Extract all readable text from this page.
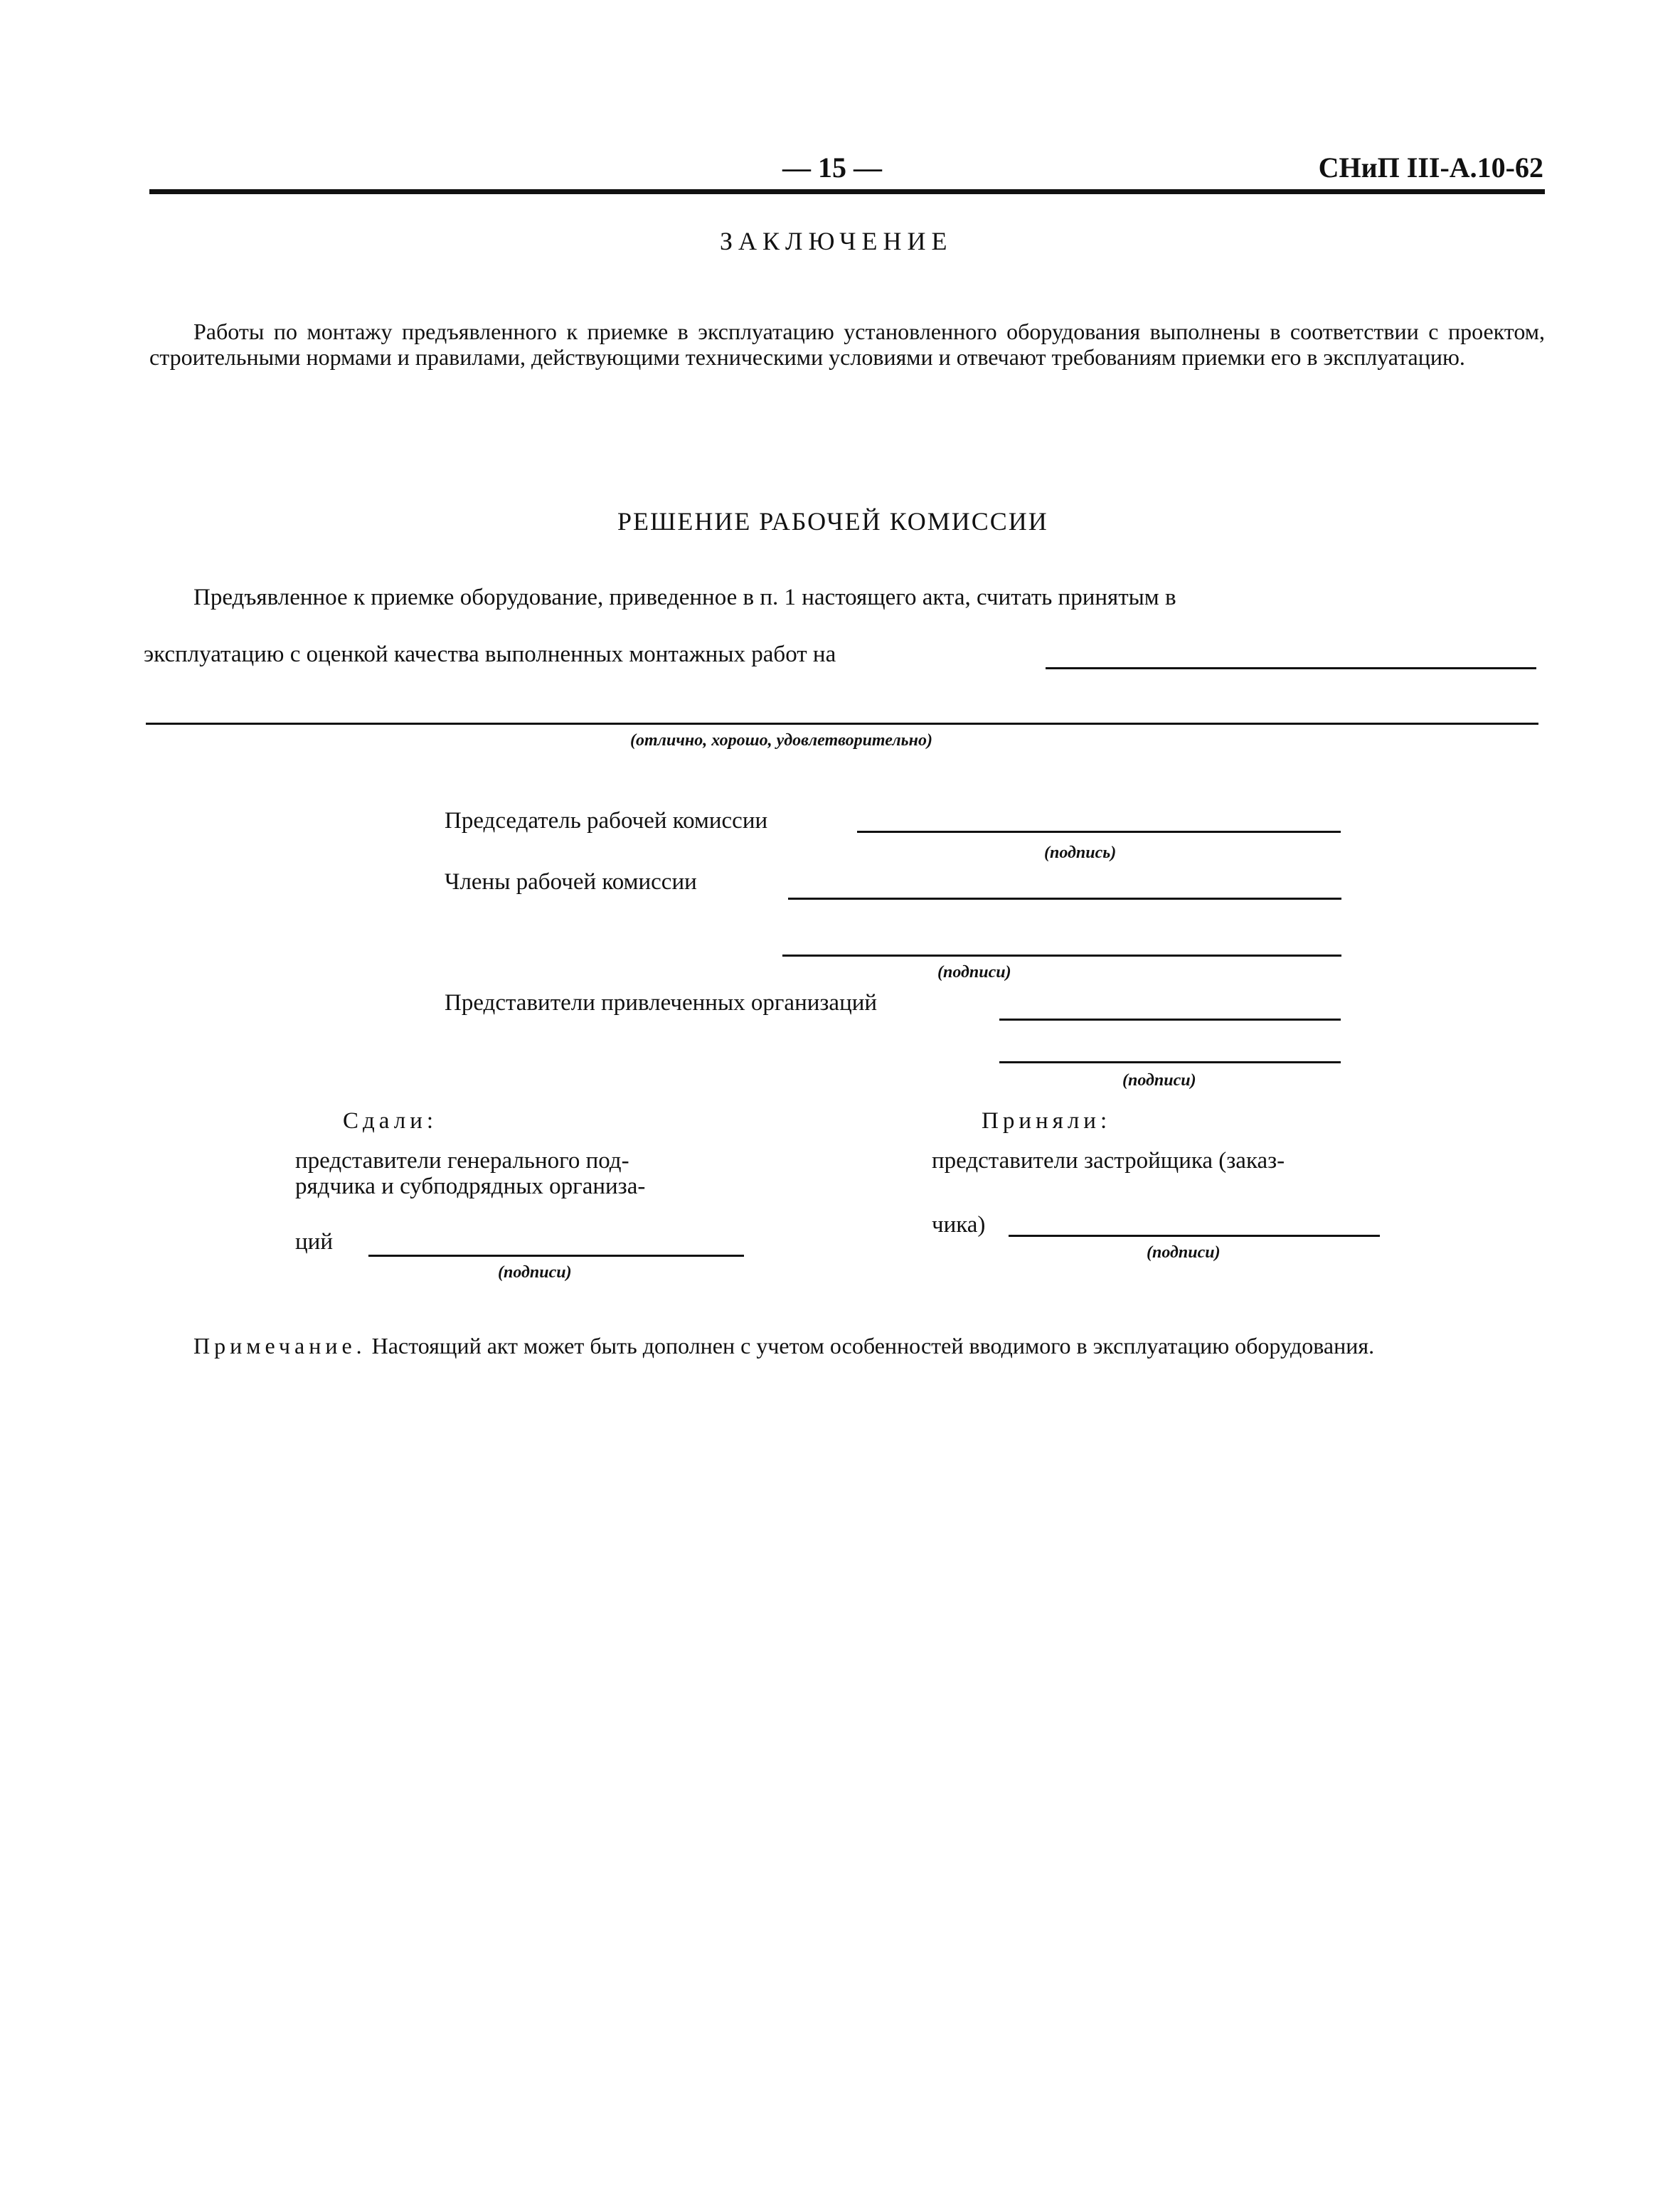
— 15 —	СНиП III-А.10-62
ЗАКЛЮЧЕНИЕ
Работы по монтажу предъявленного к приемке в эксплуатацию установленного оборудования выполнены в соответствии с проектом, строительными нормами и правилами, действующими техническими условиями и отвечают требованиям приемки его в эксплуатацию.
РЕШЕНИЕ РАБОЧЕЙ КОМИССИИ
Предъявленное к приемке оборудование, приведенное в п. 1 настоящего акта, считать принятым в
эксплуатацию с оценкой качества выполненных монтажных работ на
(отлично, хорошо, удовлетворительно)
Председатель рабочей комиссии
(подпись)
Члены рабочей комиссии
(подписи)
Представители привлеченных организаций
(подписи)
Сдали:
представители генерального под-
рядчика и субподрядных организа-
ций
(подписи)
Приняли:
представители застройщика (заказ-
чика)
(подписи)
Примечание. Настоящий акт может быть дополнен с учетом особенностей вводимого в эксплуатацию оборудования.
